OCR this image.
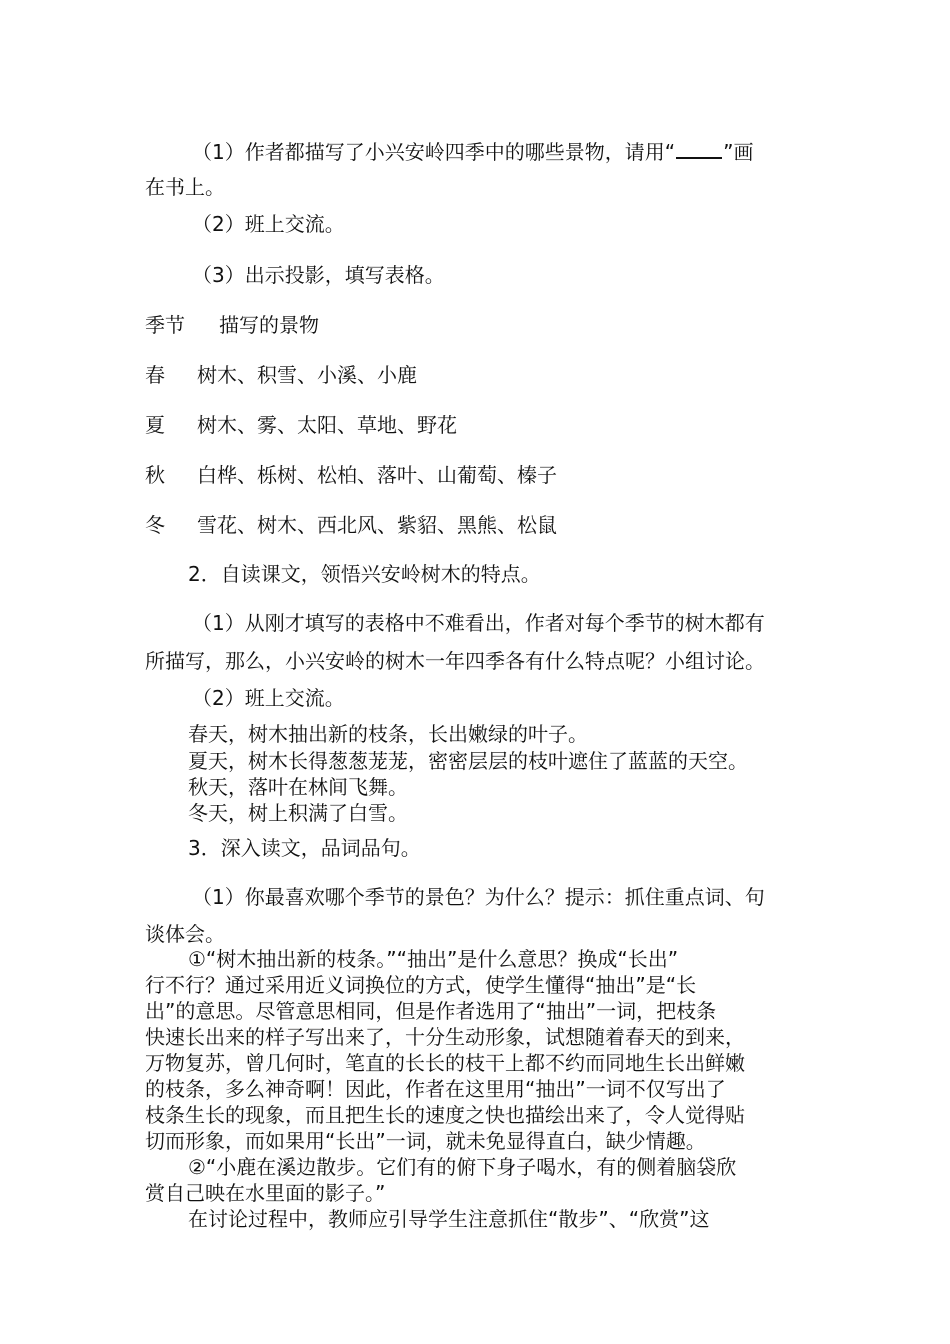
（1）作者都描写了小兴安岭四季中的哪些景物，请用“ ”画
在书上。
（2）班上交流。
（3）出示投影，填写表格。
季节 描写的景物
春 树木、积雪、小溪、小鹿
夏 树木、雾、太阳、草地、野花
秋 白桦、栎树、松柏、落叶、山葡萄、榛子
冬 雪花、树木、西北风、紫貂、黑熊、松鼠
2．自读课文，领悟兴安岭树木的特点。
（1）从刚才填写的表格中不难看出，作者对每个季节的树木都有
所描写，那么，小兴安岭的树木一年四季各有什么特点呢？小组讨论。
（2）班上交流。
春天，树木抽出新的枝条，长出嫩绿的叶子。
夏天，树木长得葱葱茏茏，密密层层的枝叶遮住了蓝蓝的天空。
秋天，落叶在林间飞舞。
冬天，树上积满了白雪。
3．深入读文，品词品句。
（1）你最喜欢哪个季节的景色？为什么？提示：抓住重点词、句
谈体会。
①“树木抽出新的枝条。”“抽出”是什么意思？换成“长出”
行不行？通过采用近义词换位的方式，使学生懂得“抽出”是“长
出”的意思。尽管意思相同，但是作者选用了“抽出”一词，把枝条
快速长出来的样子写出来了，十分生动形象，试想随着春天的到来，
万物复苏，曾几何时，笔直的长长的枝干上都不约而同地生长出鲜嫩
的枝条，多么神奇啊！因此，作者在这里用“抽出”一词不仅写出了
枝条生长的现象，而且把生长的速度之快也描绘出来了，令人觉得贴
切而形象，而如果用“长出”一词，就未免显得直白，缺少情趣。
②“小鹿在溪边散步。它们有的俯下身子喝水，有的侧着脑袋欣
赏自己映在水里面的影子。”
在讨论过程中，教师应引导学生注意抓住“散步”、“欣赏”这
